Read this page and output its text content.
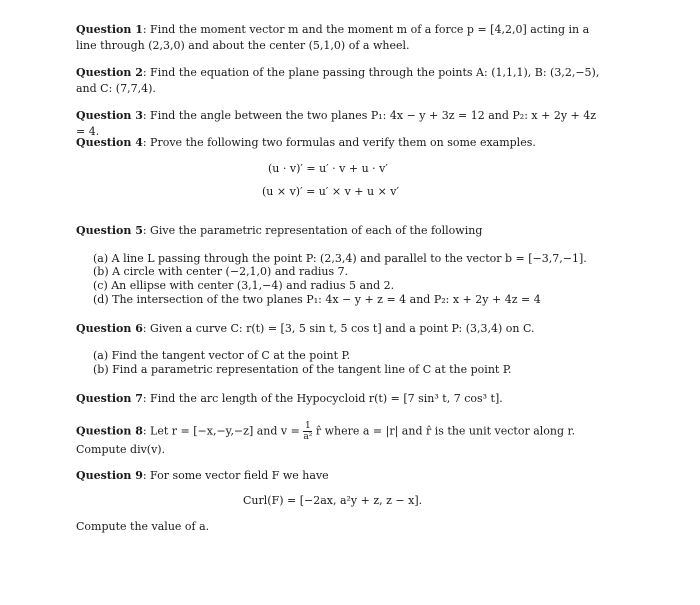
Question 1: Find the moment vector m and the moment m of a force p = [4,2,0] acting in a line through (2,3,0) and about the center (5,1,0) of a wheel.
Question 2: Find the equation of the plane passing through the points A: (1,1,1), B: (3,2,−5), and C: (7,7,4).
Question 3: Find the angle between the two planes P₁: 4x − y + 3z = 12 and P₂: x + 2y + 4z = 4.
Question 4: Prove the following two formulas and verify them on some examples.
(u · v)′ = u′ · v + u · v′
(u × v)′ = u′ × v + u × v′
Question 5: Give the parametric representation of each of the following
(a) A line L passing through the point P: (2,3,4) and parallel to the vector b = [−3,7,−1].
(b) A circle with center (−2,1,0) and radius 7.
(c) An ellipse with center (3,1,−4) and radius 5 and 2.
(d) The intersection of the two planes P₁: 4x − y + z = 4 and P₂: x + 2y + 4z = 4
Question 6: Given a curve C: r(t) = [3, 5 sin t, 5 cos t] and a point P: (3,3,4) on C.
(a) Find the tangent vector of C at the point P.
(b) Find a parametric representation of the tangent line of C at the point P.
Question 7: Find the arc length of the Hypocycloid r(t) = [7 sin³ t, 7 cos³ t].
Question 8: Let r = [−x,−y,−z] and $v = \frac{1}{\text{a²}}$ r̂ where a = |r| and r̂ is the unit vector along r.
Compute div(v).
Question 9: For some vector field F we have
Curl(F) = [−2ax, a²y + z, z − x].
Compute the value of a.
